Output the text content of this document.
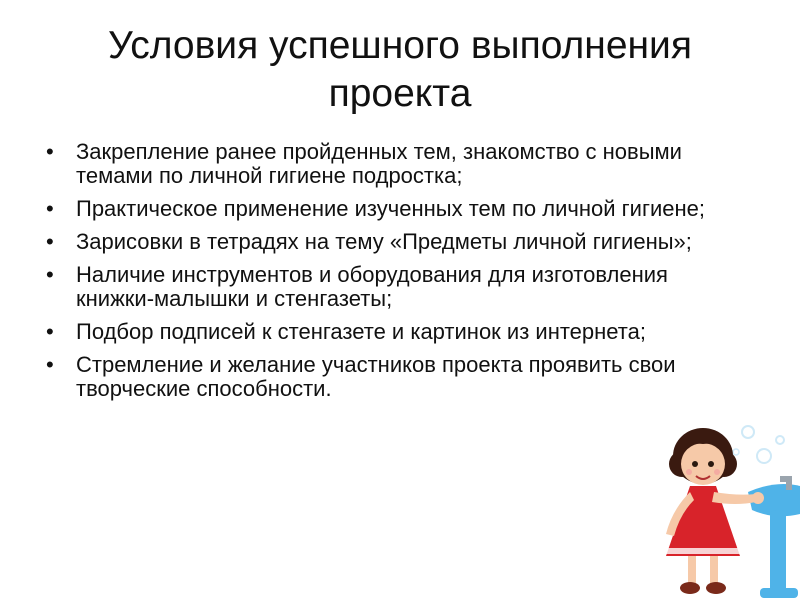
Условия успешного выполнения проекта
• Закрепление ранее пройденных тем, знакомство с новыми темами по личной гигиене подростка;
• Практическое применение изученных тем по личной гигиене;
• Зарисовки в тетрадях на тему «Предметы личной гигиены»;
• Наличие инструментов и оборудования для изготовления книжки-малышки и стенгазеты;
• Подбор подписей к стенгазете и картинок из интернета;
• Стремление и желание участников проекта проявить свои творческие способности.
